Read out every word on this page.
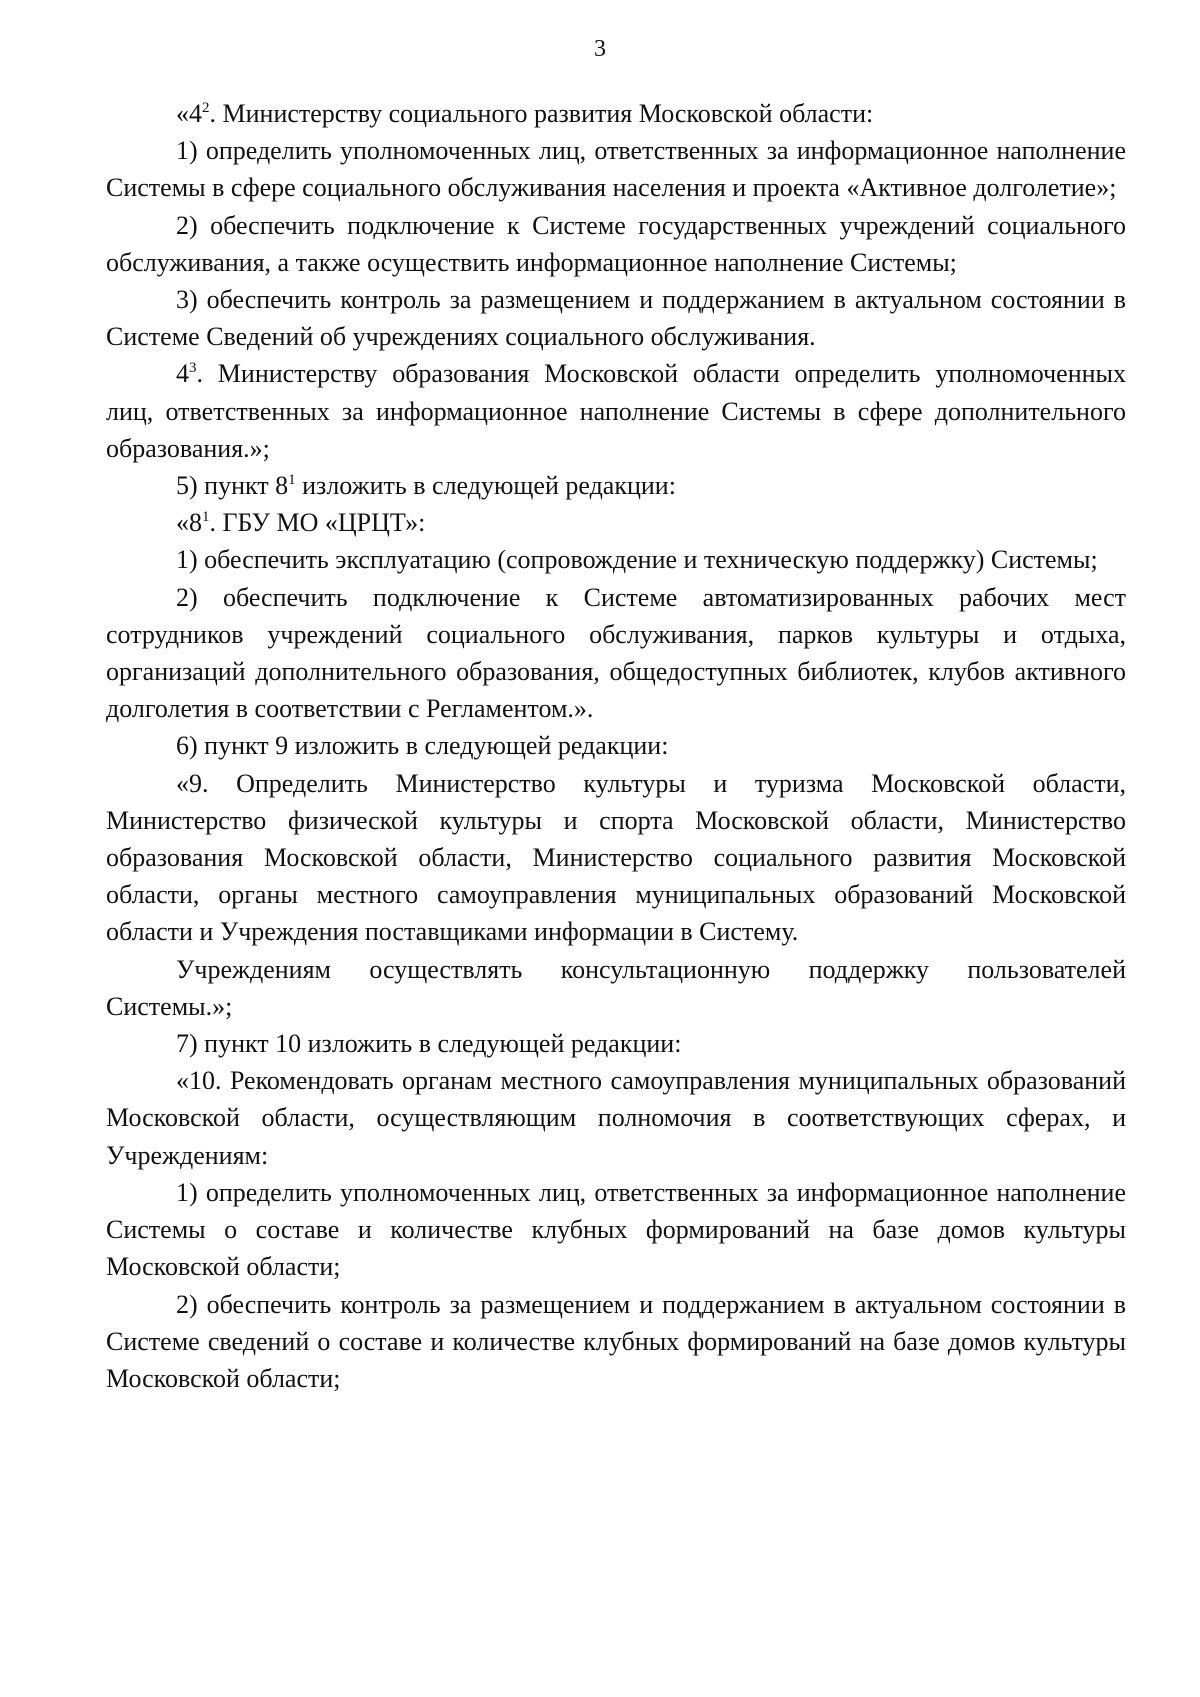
3

«$4^2$. Министерству социального развития Московской области:

1) определить уполномоченных лиц, ответственных за информационное наполнение Системы в сфере социального обслуживания населения и проекта «Активное долголетие»;

2) обеспечить подключение к Системе государственных учреждений социального обслуживания, а также осуществить информационное наполнение Системы;

3) обеспечить контроль за размещением и поддержанием в актуальном состоянии в Системе Сведений об учреждениях социального обслуживания.

$4^3$. Министерству образования Московской области определить уполномоченных лиц, ответственных за информационное наполнение Системы в сфере дополнительного образования.»;

5) пункт $8^1$ изложить в следующей редакции:

«$8^1$. ГБУ МО «ЦРЦТ»:

1) обеспечить эксплуатацию (сопровождение и техническую поддержку) Системы;

2) обеспечить подключение к Системе автоматизированных рабочих мест сотрудников учреждений социального обслуживания, парков культуры и отдыха, организаций дополнительного образования, общедоступных библиотек, клубов активного долголетия в соответствии с Регламентом.».

6) пункт 9 изложить в следующей редакции:

«9. Определить Министерство культуры и туризма Московской области, Министерство физической культуры и спорта Московской области, Министерство образования Московской области, Министерство социального развития Московской области, органы местного самоуправления муниципальных образований Московской области и Учреждения поставщиками информации в Систему.

Учреждениям осуществлять консультационную поддержку пользователей Системы.»;

7) пункт 10 изложить в следующей редакции:

«10. Рекомендовать органам местного самоуправления муниципальных образований Московской области, осуществляющим полномочия в соответствующих сферах, и Учреждениям:

1) определить уполномоченных лиц, ответственных за информационное наполнение Системы о составе и количестве клубных формирований на базе домов культуры Московской области;

2) обеспечить контроль за размещением и поддержанием в актуальном состоянии в Системе сведений о составе и количестве клубных формирований на базе домов культуры Московской области;
